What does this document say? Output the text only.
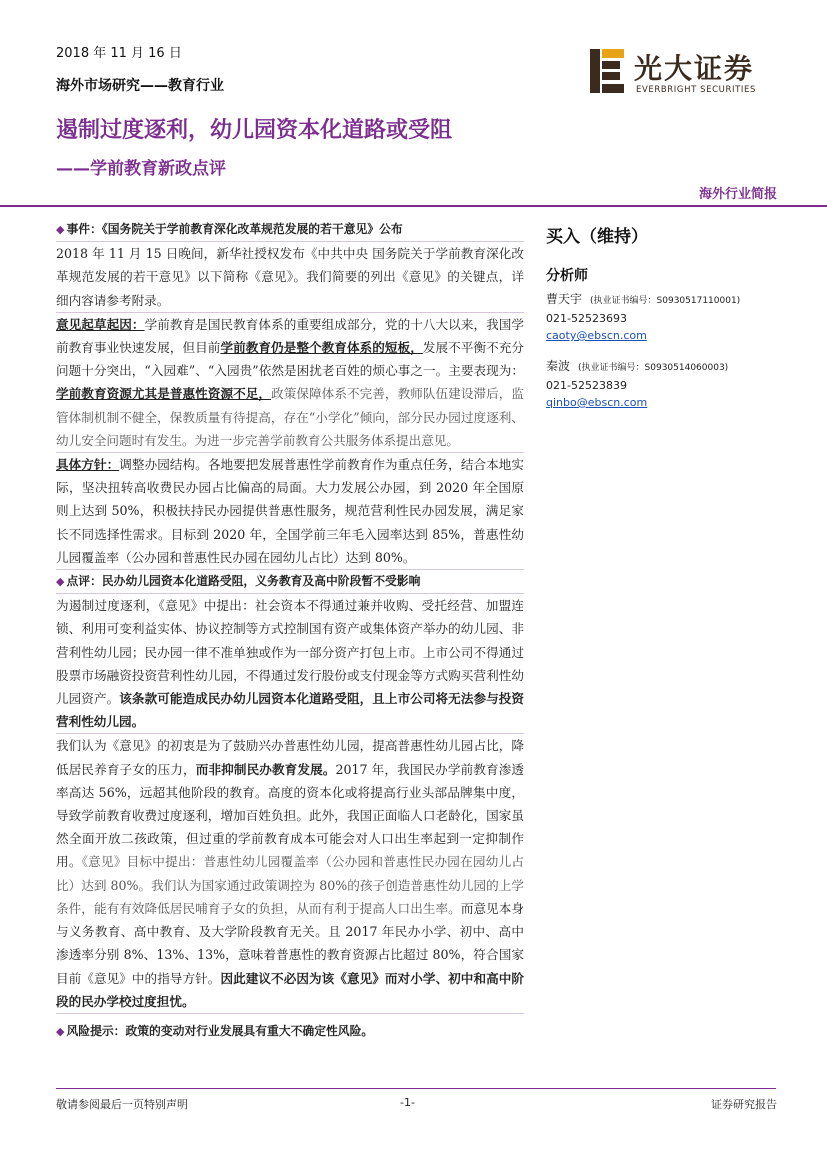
2018 年 11 月 16 日
海外市场研究——教育行业
光大证券
EVERBRIGHT SECURITIES
遏制过度逐利，幼儿园资本化道路或受阻
——学前教育新政点评
海外行业简报

◆ 事件：《国务院关于学前教育深化改革规范发展的若干意见》公布

2018 年 11 月 15 日晚间，新华社授权发布《中共中央 国务院关于学前教育深化改革规范发展的若干意见》以下简称《意见》。我们简要的列出《意见》的关键点，详细内容请参考附录。

意见起草起因：学前教育是国民教育体系的重要组成部分，党的十八大以来，我国学前教育事业快速发展，但目前学前教育仍是整个教育体系的短板，发展不平衡不充分问题十分突出，“入园难”、“入园贵”依然是困扰老百姓的烦心事之一。主要表现为：学前教育资源尤其是普惠性资源不足，政策保障体系不完善，教师队伍建设滞后，监管体制机制不健全，保教质量有待提高，存在“小学化”倾向，部分民办园过度逐利、幼儿安全问题时有发生。为进一步完善学前教育公共服务体系提出意见。

具体方针：调整办园结构。各地要把发展普惠性学前教育作为重点任务，结合本地实际，坚决扭转高收费民办园占比偏高的局面。大力发展公办园，到 2020 年全国原则上达到 50%，积极扶持民办园提供普惠性服务，规范营利性民办园发展，满足家长不同选择性需求。目标到 2020 年，全国学前三年毛入园率达到 85%，普惠性幼儿园覆盖率（公办园和普惠性民办园在园幼儿占比）达到 80%。

◆ 点评：民办幼儿园资本化道路受阻，义务教育及高中阶段暂不受影响

为遏制过度逐利，《意见》中提出：社会资本不得通过兼并收购、受托经营、加盟连锁、利用可变利益实体、协议控制等方式控制国有资产或集体资产举办的幼儿园、非营利性幼儿园；民办园一律不准单独或作为一部分资产打包上市。上市公司不得通过股票市场融资投资营利性幼儿园，不得通过发行股份或支付现金等方式购买营利性幼儿园资产。该条款可能造成民办幼儿园资本化道路受阻，且上市公司将无法参与投资营利性幼儿园。

我们认为《意见》的初衷是为了鼓励兴办普惠性幼儿园，提高普惠性幼儿园占比，降低居民养育子女的压力，而非抑制民办教育发展。2017 年，我国民办学前教育渗透率高达 56%，远超其他阶段的教育。高度的资本化或将提高行业头部品牌集中度，导致学前教育收费过度逐利，增加百姓负担。此外，我国正面临人口老龄化，国家虽然全面开放二孩政策，但过重的学前教育成本可能会对人口出生率起到一定抑制作用。《意见》目标中提出：普惠性幼儿园覆盖率（公办园和普惠性民办园在园幼儿占比）达到 80%。我们认为国家通过政策调控为 80%的孩子创造普惠性幼儿园的上学条件，能有有效降低居民哺育子女的负担，从而有利于提高人口出生率。而意见本身与义务教育、高中教育、及大学阶段教育无关。且 2017 年民办小学、初中、高中渗透率分别 8%、13%、13%，意味着普惠性的教育资源占比超过 80%，符合国家目前《意见》中的指导方针。因此建议不必因为该《意见》而对小学、初中和高中阶段的民办学校过度担忧。

◆ 风险提示：政策的变动对行业发展具有重大不确定性风险。

买入（维持）
分析师
曹天宇 (执业证书编号：S0930517110001)
021-52523693
caoty@ebscn.com
秦波 (执业证书编号：S0930514060003)
021-52523839
qinbo@ebscn.com
敬请参阅最后一页特别声明	-1-	证券研究报告
